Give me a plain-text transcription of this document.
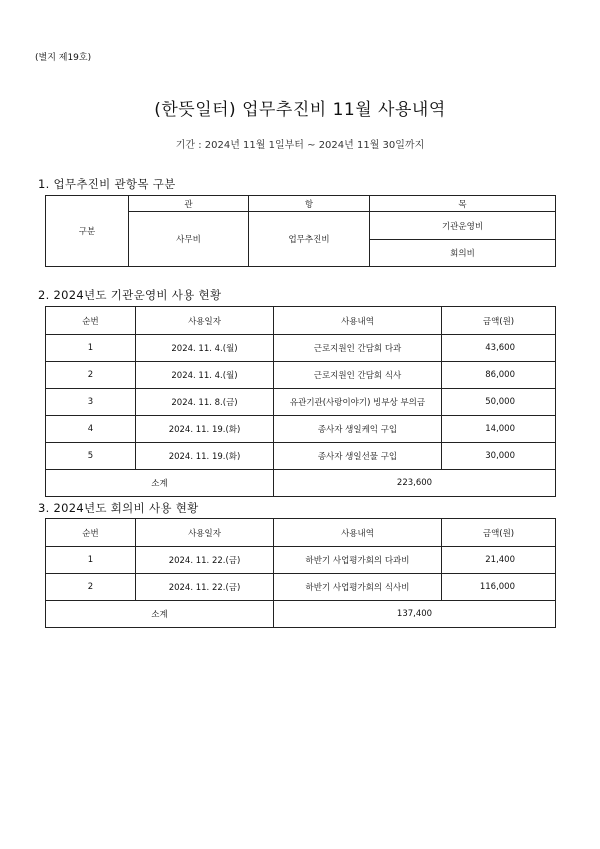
(별지 제19호)
(한뜻일터) 업무추진비 11월 사용내역
기간 : 2024년 11월 1일부터 ~ 2024년 11월 30일까지
1. 업무추진비 관항목 구분
구분	관	항	목
	사무비	업무추진비	기관운영비
			회의비
2. 2024년도 기관운영비 사용 현황
순번	사용일자	사용내역	금액(원)
1	2024. 11. 4.(월)	근로지원인 간담회 다과	43,600
2	2024. 11. 4.(월)	근로지원인 간담회 식사	86,000
3	2024. 11. 8.(금)	유관기관(사랑이야기) 빙부상 부의금	50,000
4	2024. 11. 19.(화)	종사자 생일케익 구입	14,000
5	2024. 11. 19.(화)	종사자 생일선물 구입	30,000
소계		223,600	
3. 2024년도 회의비 사용 현황
순번	사용일자	사용내역	금액(원)
1	2024. 11. 22.(금)	하반기 사업평가회의 다과비	21,400
2	2024. 11. 22.(금)	하반기 사업평가회의 식사비	116,000
소계		137,400	
